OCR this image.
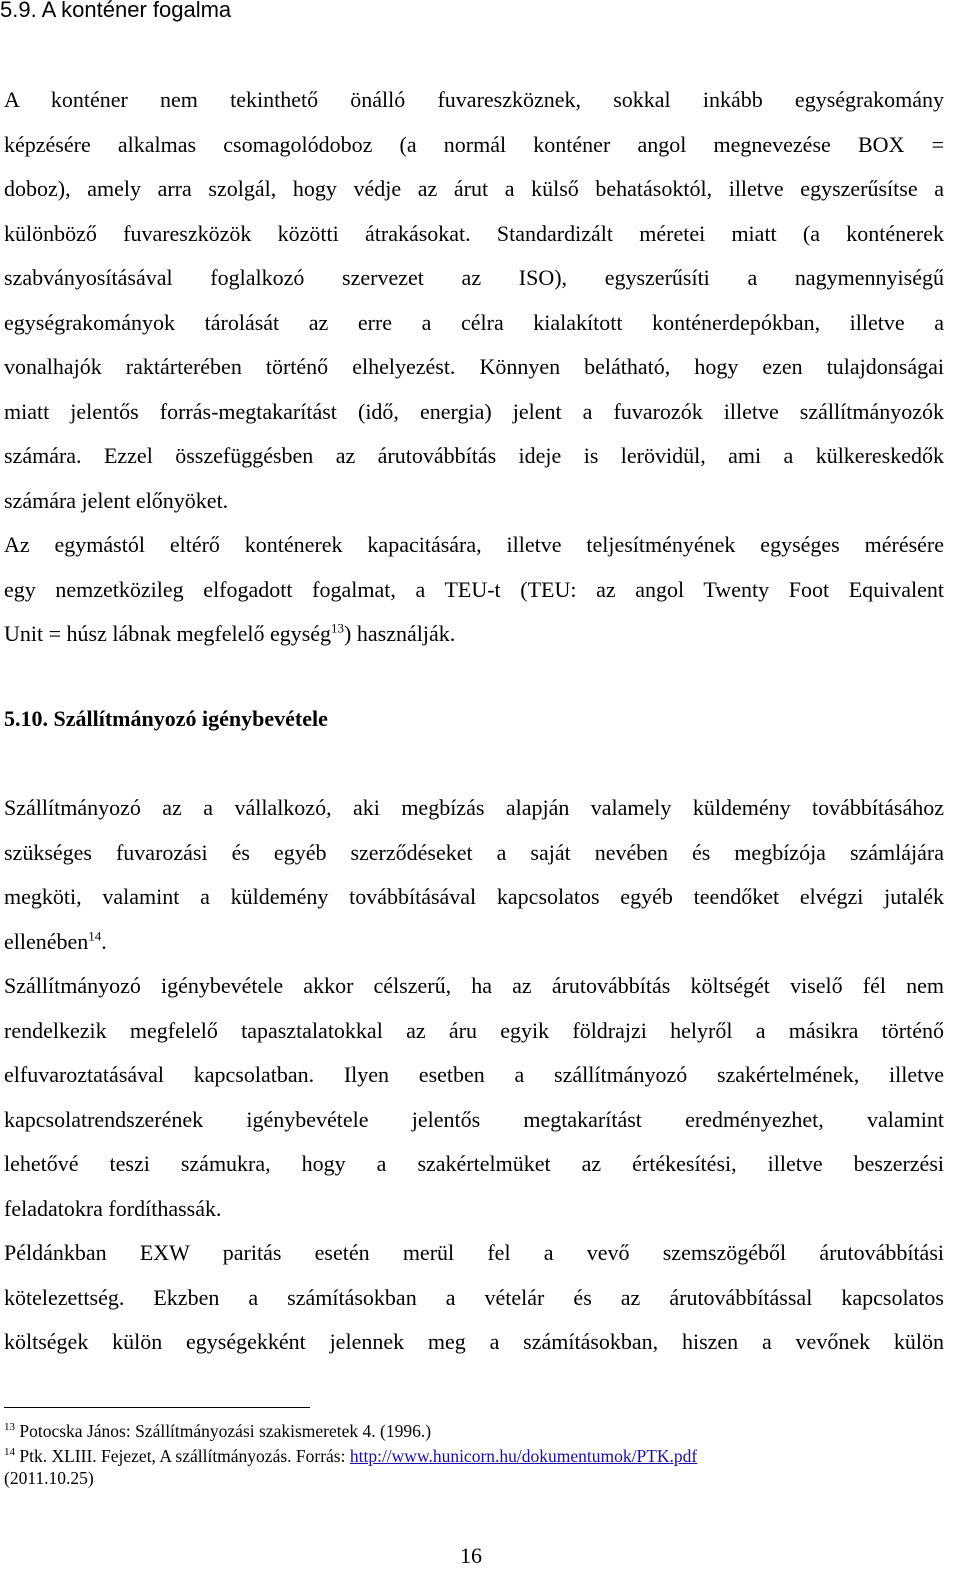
5.9. A konténer fogalma
A konténer nem tekinthető önálló fuvareszköznek, sokkal inkább egységrakomány
képzésére alkalmas csomagolódoboz (a normál konténer angol megnevezése BOX =
doboz), amely arra szolgál, hogy védje az árut a külső behatásoktól, illetve egyszerűsítse a
különböző fuvareszközök közötti átrakásokat. Standardizált méretei miatt (a konténerek
szabványosításával foglalkozó szervezet az ISO), egyszerűsíti a nagymennyiségű
egységrakományok tárolását az erre a célra kialakított konténerdepókban, illetve a
vonalhajók raktárterében történő elhelyezést. Könnyen belátható, hogy ezen tulajdonságai
miatt jelentős forrás-megtakarítást (idő, energia) jelent a fuvarozók illetve szállítmányozók
számára. Ezzel összefüggésben az árutovábbítás ideje is lerövidül, ami a külkereskedők
számára jelent előnyöket.
Az egymástól eltérő konténerek kapacitására, illetve teljesítményének egységes mérésére
egy nemzetközileg elfogadott fogalmat, a TEU-t (TEU: az angol Twenty Foot Equivalent
Unit = húsz lábnak megfelelő egység$^{13}$) használják.
5.10. Szállítmányozó igénybevétele
Szállítmányozó az a vállalkozó, aki megbízás alapján valamely küldemény továbbításához
szükséges fuvarozási és egyéb szerződéseket a saját nevében és megbízója számlájára
megköti, valamint a küldemény továbbításával kapcsolatos egyéb teendőket elvégzi jutalék
ellenében$^{14}$.
Szállítmányozó igénybevétele akkor célszerű, ha az árutovábbítás költségét viselő fél nem
rendelkezik megfelelő tapasztalatokkal az áru egyik földrajzi helyről a másikra történő
elfuvaroztatásával kapcsolatban. Ilyen esetben a szállítmányozó szakértelmének, illetve
kapcsolatrendszerének igénybevétele jelentős megtakarítást eredményezhet, valamint
lehetővé teszi számukra, hogy a szakértelmüket az értékesítési, illetve beszerzési
feladatokra fordíthassák.
Példánkban EXW paritás esetén merül fel a vevő szemszögéből árutovábbítási
kötelezettség. Ekzben a számításokban a vételár és az árutovábbítással kapcsolatos
költségek külön egységekként jelennek meg a számításokban, hiszen a vevőnek külön
$^{13}$ Potocska János: Szállítmányozási szakismeretek 4. (1996.)
$^{14}$ Ptk. XLIII. Fejezet, A szállítmányozás. Forrás: http://www.hunicorn.hu/dokumentumok/PTK.pdf
(2011.10.25)
16
